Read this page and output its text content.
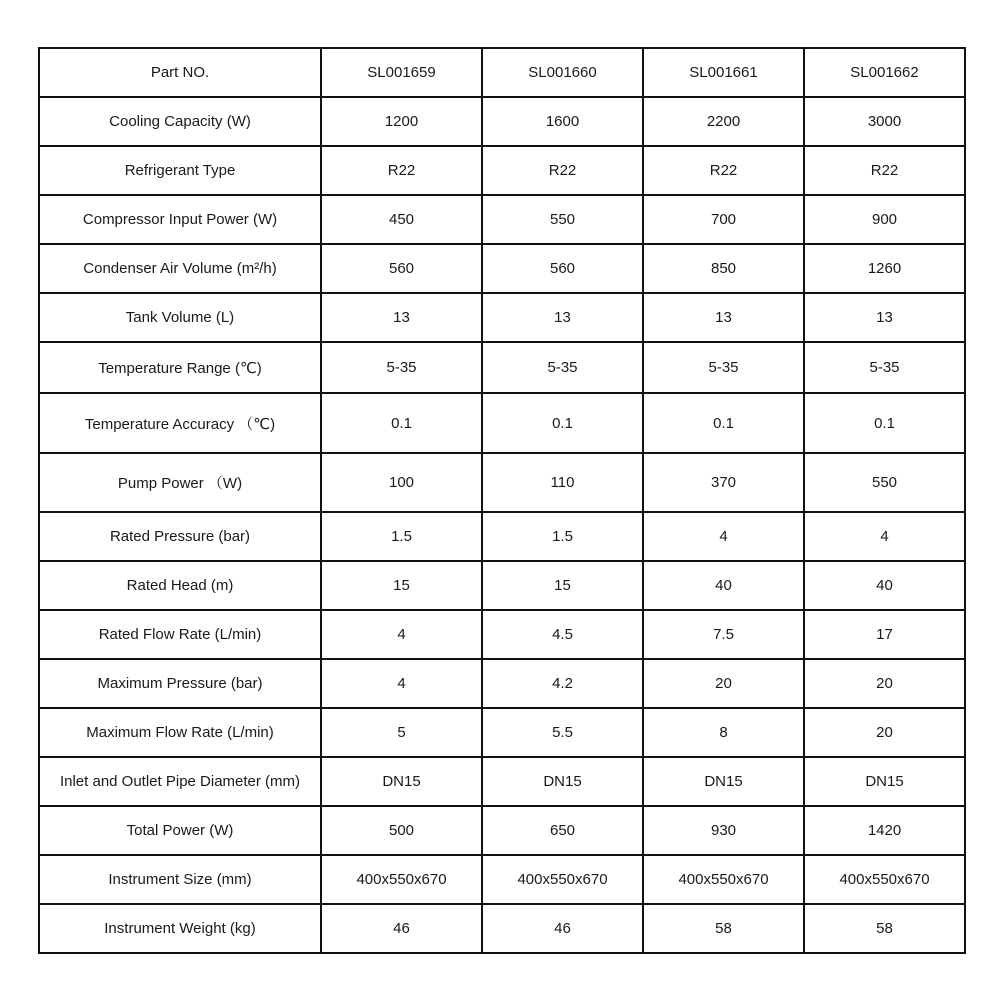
Part NO.	SL001659	SL001660	SL001661	SL001662
Cooling Capacity (W)	1200	1600	2200	3000
Refrigerant Type	R22	R22	R22	R22
Compressor Input Power (W)	450	550	700	900
Condenser Air Volume (m²/h)	560	560	850	1260
Tank Volume (L)	13	13	13	13
Temperature Range (℃)	5-35	5-35	5-35	5-35
Temperature Accuracy （℃)	0.1	0.1	0.1	0.1
Pump Power （W)	100	110	370	550
Rated Pressure (bar)	1.5	1.5	4	4
Rated Head (m)	15	15	40	40
Rated Flow Rate (L/min)	4	4.5	7.5	17
Maximum Pressure (bar)	4	4.2	20	20
Maximum Flow Rate (L/min)	5	5.5	8	20
Inlet and Outlet Pipe Diameter (mm)	DN15	DN15	DN15	DN15
Total Power (W)	500	650	930	1420
Instrument Size (mm)	400x550x670	400x550x670	400x550x670	400x550x670
Instrument Weight (kg)	46	46	58	58
